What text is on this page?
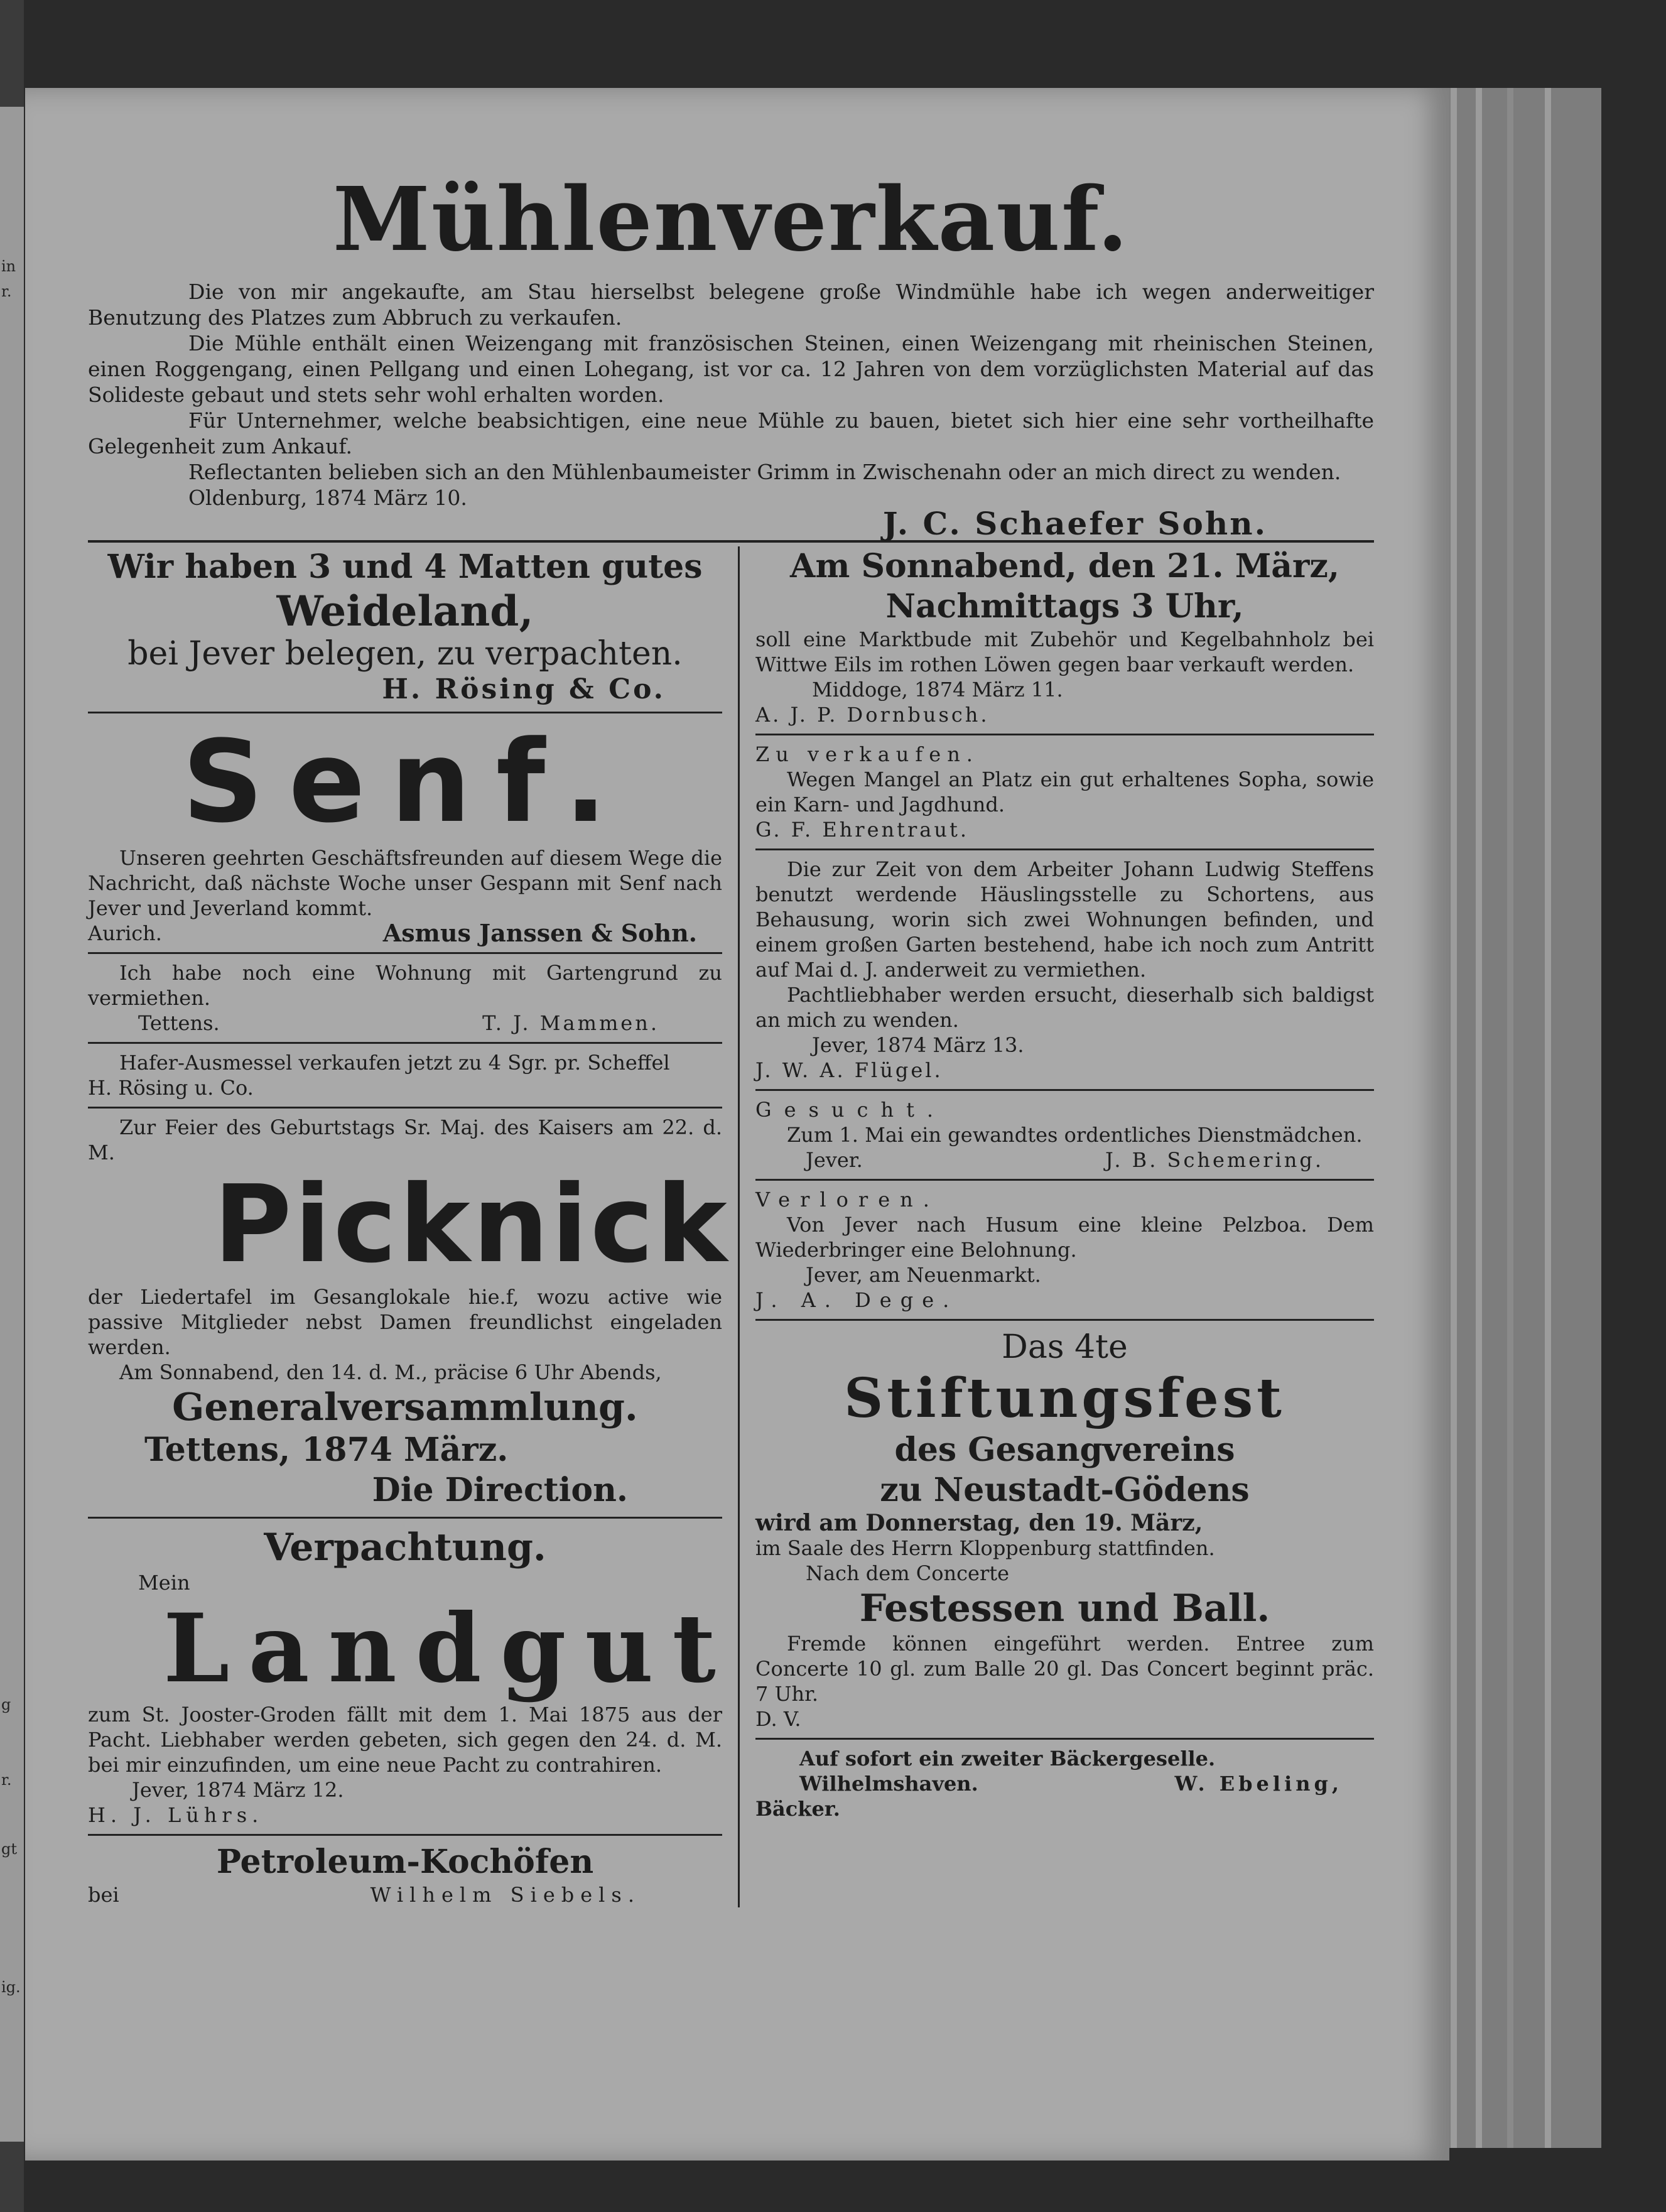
in
r.
g
r.
gt
ig.
Mühlenverkauf.

Die von mir angekaufte, am Stau hierselbst belegene große Windmühle habe ich wegen anderweitiger Benutzung des Platzes zum Abbruch zu verkaufen.

Die Mühle enthält einen Weizengang mit französischen Steinen, einen Weizengang mit rheinischen Steinen, einen Roggengang, einen Pellgang und einen Lohegang, ist vor ca. 12 Jahren von dem vorzüglichsten Material auf das Solideste gebaut und stets sehr wohl erhalten worden.

Für Unternehmer, welche beabsichtigen, eine neue Mühle zu bauen, bietet sich hier eine sehr vortheilhafte Gelegenheit zum Ankauf.

Reflectanten belieben sich an den Mühlenbaumeister Grimm in Zwischenahn oder an mich direct zu wenden.

Oldenburg, 1874 März 10.
J. C. Schaefer Sohn.
Wir haben 3 und 4 Matten gutes
Weideland,
bei Jever belegen, zu verpachten.
H. Rösing & Co.
Senf.

Unseren geehrten Geschäftsfreunden auf diesem Wege die Nachricht, daß nächste Woche unser Gespann mit Senf nach Jever und Jeverland kommt.

Aurich.	Asmus Janssen & Sohn.

Ich habe noch eine Wohnung mit Gartengrund zu vermiethen.

Tettens.	T. J. Mammen.

Hafer-Ausmessel verkaufen jetzt zu 4 Sgr. pr. Scheffel

H. Rösing u. Co.

Zur Feier des Geburtstags Sr. Maj. des Kaisers am 22. d. M.

Picknick

der Liedertafel im Gesanglokale hie.f, wozu active wie passive Mitglieder nebst Damen freundlichst eingeladen werden.

Am Sonnabend, den 14. d. M., präcise 6 Uhr Abends,

Generalversammlung.
Tettens, 1874 März.
Die Direction.
Verpachtung.
Mein
Landgut

zum St. Jooster-Groden fällt mit dem 1. Mai 1875 aus der Pacht. Liebhaber werden gebeten, sich gegen den 24. d. M. bei mir einzufinden, um eine neue Pacht zu contrahiren.

Jever, 1874 März 12.
H. J. Lührs.
Petroleum-Kochöfen
bei	Wilhelm Siebels.
Am Sonnabend, den 21. März,
Nachmittags 3 Uhr,

soll eine Marktbude mit Zubehör und Kegelbahnholz bei Wittwe Eils im rothen Löwen gegen baar verkauft werden.

Middoge, 1874 März 11.
A. J. P. Dornbusch.
Zu verkaufen.

Wegen Mangel an Platz ein gut erhaltenes Sopha, sowie ein Karn- und Jagdhund.

G. F. Ehrentraut.

Die zur Zeit von dem Arbeiter Johann Ludwig Steffens benutzt werdende Häuslingsstelle zu Schortens, aus Behausung, worin sich zwei Wohnungen befinden, und einem großen Garten bestehend, habe ich noch zum Antritt auf Mai d. J. anderweit zu vermiethen.

Pachtliebhaber werden ersucht, dieserhalb sich baldigst an mich zu wenden.

Jever, 1874 März 13.
J. W. A. Flügel.
Gesucht.

Zum 1. Mai ein gewandtes ordentliches Dienstmädchen.

Jever.	J. B. Schemering.
Verloren.

Von Jever nach Husum eine kleine Pelzboa. Dem Wiederbringer eine Belohnung.

Jever, am Neuenmarkt.
J. A. Dege.
Das 4te
Stiftungsfest
des Gesangvereins
zu Neustadt-Gödens
wird am Donnerstag, den 19. März,
im Saale des Herrn Kloppenburg stattfinden.
Nach dem Concerte
Festessen und Ball.

Fremde können eingeführt werden. Entree zum Concerte 10 gl. zum Balle 20 gl. Das Concert beginnt präc. 7 Uhr.

D. V.
Auf sofort ein zweiter Bäckergeselle.
Wilhelmshaven.	W. Ebeling,
Bäcker.
